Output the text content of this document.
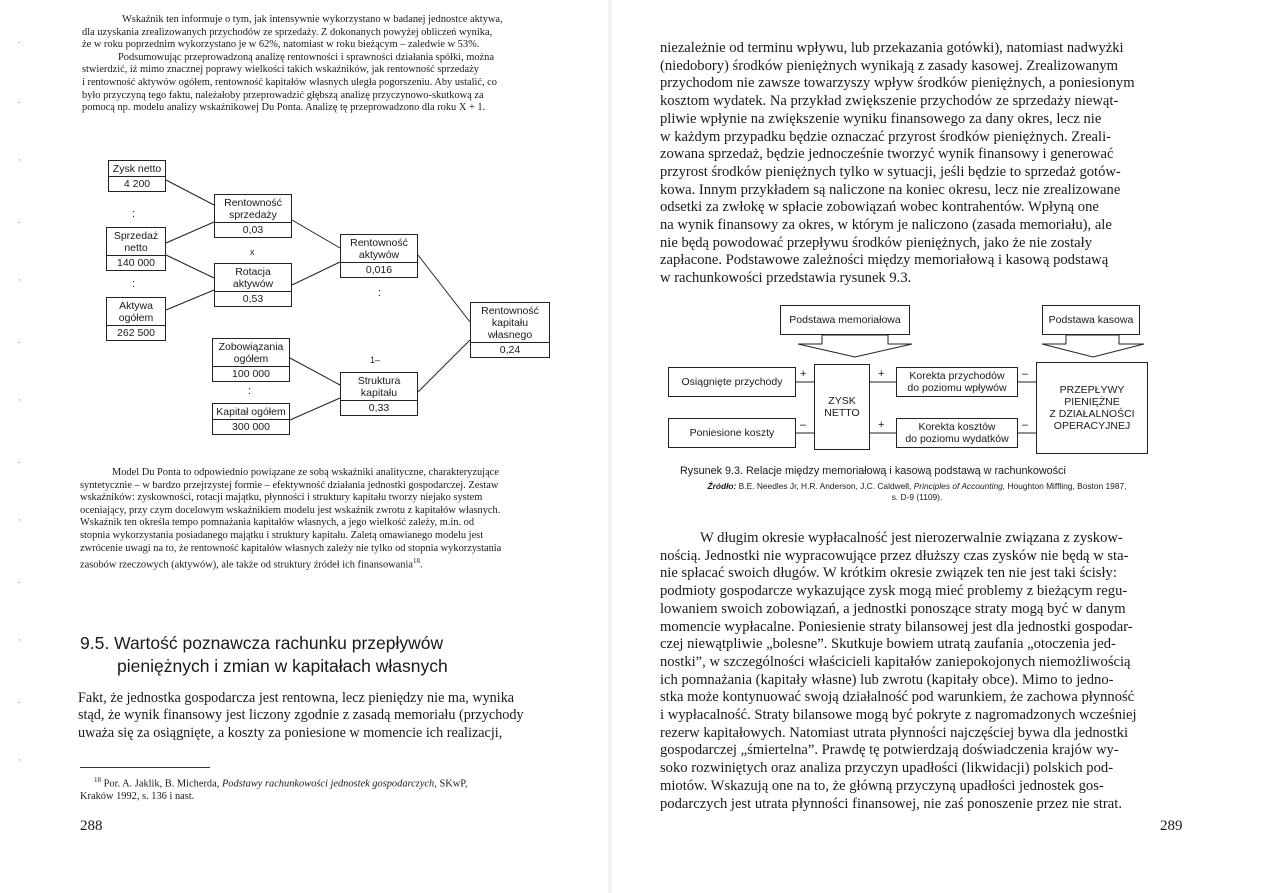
Wskaźnik ten informuje o tym, jak intensywnie wykorzystano w badanej jednostce aktywa,
dla uzyskania zrealizowanych przychodów ze sprzedaży. Z dokonanych powyżej obliczeń wynika,
że w roku poprzednim wykorzystano je w 62%, natomiast w roku bieżącym – zaledwie w 53%.
Podsumowując przeprowadzoną analizę rentowności i sprawności działania spółki, można
stwierdzić, iż mimo znacznej poprawy wielkości takich wskaźników, jak rentowność sprzedaży
i rentowność aktywów ogółem, rentowność kapitałów własnych uległa pogorszeniu. Aby ustalić, co
było przyczyną tego faktu, należałoby przeprowadzić głębszą analizę przyczynowo-skutkową za
pomocą np. modelu analizy wskaźnikowej Du Ponta. Analizę tę przeprowadzono dla roku X + 1.

Zysk netto
4 200
:
Sprzedaż netto
140 000
:
Aktywa ogółem
262 500
Rentowność sprzedaży
0,03
x
Rotacja aktywów
0,53
Rentowność aktywów
0,016
:
1–
Rentowność kapitału własnego
0,24
Zobowiązania ogółem
100 000
:
Kapitał ogółem
300 000
Struktura kapitału
0,33

Model Du Ponta to odpowiednio powiązane ze sobą wskaźniki analityczne, charakteryzujące
syntetycznie – w bardzo przejrzystej formie – efektywność działania jednostki gospodarczej. Zestaw
wskaźników: zyskowności, rotacji majątku, płynności i struktury kapitału tworzy niejako system
oceniający, przy czym docelowym wskaźnikiem modelu jest wskaźnik zwrotu z kapitałów własnych.
Wskaźnik ten określa tempo pomnażania kapitałów własnych, a jego wielkość zależy, m.in. od
stopnia wykorzystania posiadanego majątku i struktury kapitału. Zaletą omawianego modelu jest
zwrócenie uwagi na to, że rentowność kapitałów własnych zależy nie tylko od stopnia wykorzystania
zasobów rzeczowych (aktywów), ale także od struktury źródeł ich finansowania$^{18}$.

9.5. Wartość poznawcza rachunku przepływów
pieniężnych i zmian w kapitałach własnych

Fakt, że jednostka gospodarcza jest rentowna, lecz pieniędzy nie ma, wynika
stąd, że wynik finansowy jest liczony zgodnie z zasadą memoriału (przychody
uważa się za osiągnięte, a koszty za poniesione w momencie ich realizacji,

$^{18}$ Por. A. Jaklik, B. Micherda, Podstawy rachunkowości jednostek gospodarczych, SKwP,
Kraków 1992, s. 136 i nast.

288
.
.
·
.
·
.
·
.
·
.
·
.
·

niezależnie od terminu wpływu, lub przekazania gotówki), natomiast nadwyżki
(niedobory) środków pieniężnych wynikają z zasady kasowej. Zrealizowanym
przychodom nie zawsze towarzyszy wpływ środków pieniężnych, a poniesionym
kosztom wydatek. Na przykład zwiększenie przychodów ze sprzedaży niewąt-
pliwie wpłynie na zwiększenie wyniku finansowego za dany okres, lecz nie
w każdym przypadku będzie oznaczać przyrost środków pieniężnych. Zreali-
zowana sprzedaż, będzie jednocześnie tworzyć wynik finansowy i generować
przyrost środków pieniężnych tylko w sytuacji, jeśli będzie to sprzedaż gotów-
kowa. Innym przykładem są naliczone na koniec okresu, lecz nie zrealizowane
odsetki za zwłokę w spłacie zobowiązań wobec kontrahentów. Wpłyną one
na wynik finansowy za okres, w którym je naliczono (zasada memoriału), ale
nie będą powodować przepływu środków pieniężnych, jako że nie zostały
zapłacone. Podstawowe zależności między memoriałową i kasową podstawą
w rachunkowości przedstawia rysunek 9.3.

Podstawa memoriałowa	Podstawa kasowa
Osiągnięte przychody
Poniesione koszty
ZYSK
NETTO
Korekta przychodów
do poziomu wpływów
Korekta kosztów
do poziomu wydatków
PRZEPŁYWY
PIENIĘŻNE
Z DZIAŁALNOŚCI
OPERACYJNEJ
+
–
+
+
–
–
Rysunek 9.3. Relacje między memoriałową i kasową podstawą w rachunkowości
Źródło: B.E. Needles Jr, H.R. Anderson, J.C. Caldwell, Principles of Accounting, Houghton Miffling, Boston 1987,
s. D-9 (1109).

W długim okresie wypłacalność jest nierozerwalnie związana z zyskow-
nością. Jednostki nie wypracowujące przez dłuższy czas zysków nie będą w sta-
nie spłacać swoich długów. W krótkim okresie związek ten nie jest taki ścisły:
podmioty gospodarcze wykazujące zysk mogą mieć problemy z bieżącym regu-
lowaniem swoich zobowiązań, a jednostki ponoszące straty mogą być w danym
momencie wypłacalne. Poniesienie straty bilansowej jest dla jednostki gospodar-
czej niewątpliwie „bolesne”. Skutkuje bowiem utratą zaufania „otoczenia jed-
nostki”, w szczególności właścicieli kapitałów zaniepokojonych niemożliwością
ich pomnażania (kapitały własne) lub zwrotu (kapitały obce). Mimo to jedno-
stka może kontynuować swoją działalność pod warunkiem, że zachowa płynność
i wypłacalność. Straty bilansowe mogą być pokryte z nagromadzonych wcześniej
rezerw kapitałowych. Natomiast utrata płynności najczęściej bywa dla jednostki
gospodarczej „śmiertelna”. Prawdę tę potwierdzają doświadczenia krajów wy-
soko rozwiniętych oraz analiza przyczyn upadłości (likwidacji) polskich pod-
miotów. Wskazują one na to, że główną przyczyną upadłości jednostek gos-
podarczych jest utrata płynności finansowej, nie zaś ponoszenie przez nie strat.

289
